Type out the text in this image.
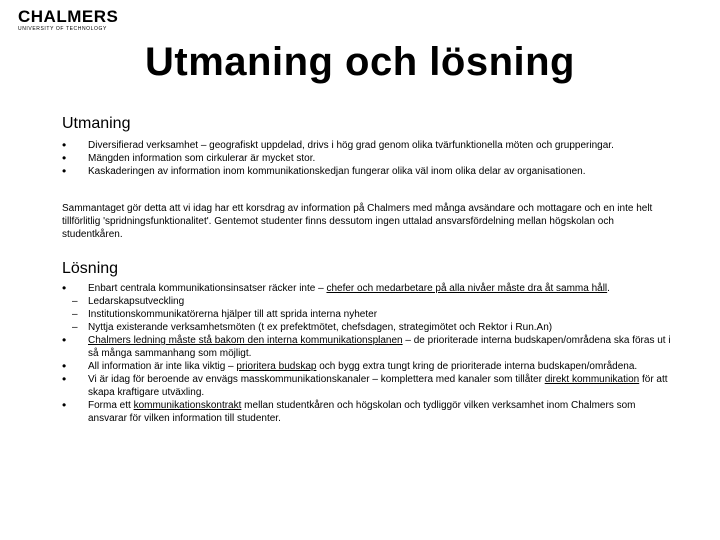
CHALMERS
UNIVERSITY OF TECHNOLOGY
Utmaning och lösning
Utmaning
• Diversifierad verksamhet – geografiskt uppdelad, drivs i hög grad genom olika tvärfunktionella möten och grupperingar.
• Mängden information som cirkulerar är mycket stor.
• Kaskaderingen av information inom kommunikationskedjan fungerar olika väl inom olika delar av organisationen.
Sammantaget gör detta att vi idag har ett korsdrag av information på Chalmers med många avsändare och mottagare och en inte helt tillförlitlig 'spridningsfunktionalitet'. Gentemot studenter finns dessutom ingen uttalad ansvarsfördelning mellan högskolan och studentkåren.
Lösning
• Enbart centrala kommunikationsinsatser räcker inte – chefer och medarbetare på alla nivåer måste dra åt samma håll.
– Ledarskapsutveckling
– Institutionskommunikatörerna hjälper till att sprida interna nyheter
– Nyttja existerande verksamhetsmöten (t ex prefektmötet, chefsdagen, strategimötet och Rektor i Run.An)
• Chalmers ledning måste stå bakom den interna kommunikationsplanen – de prioriterade interna budskapen/områdena ska föras ut i så många sammanhang som möjligt.
• All information är inte lika viktig – prioritera budskap och bygg extra tungt kring de prioriterade interna budskapen/områdena.
• Vi är idag för beroende av envägs masskommunikationskanaler – komplettera med kanaler som tillåter direkt kommunikation för att skapa kraftigare utväxling.
• Forma ett kommunikationskontrakt mellan studentkåren och högskolan och tydliggör vilken verksamhet inom Chalmers som ansvarar för vilken information till studenter.
